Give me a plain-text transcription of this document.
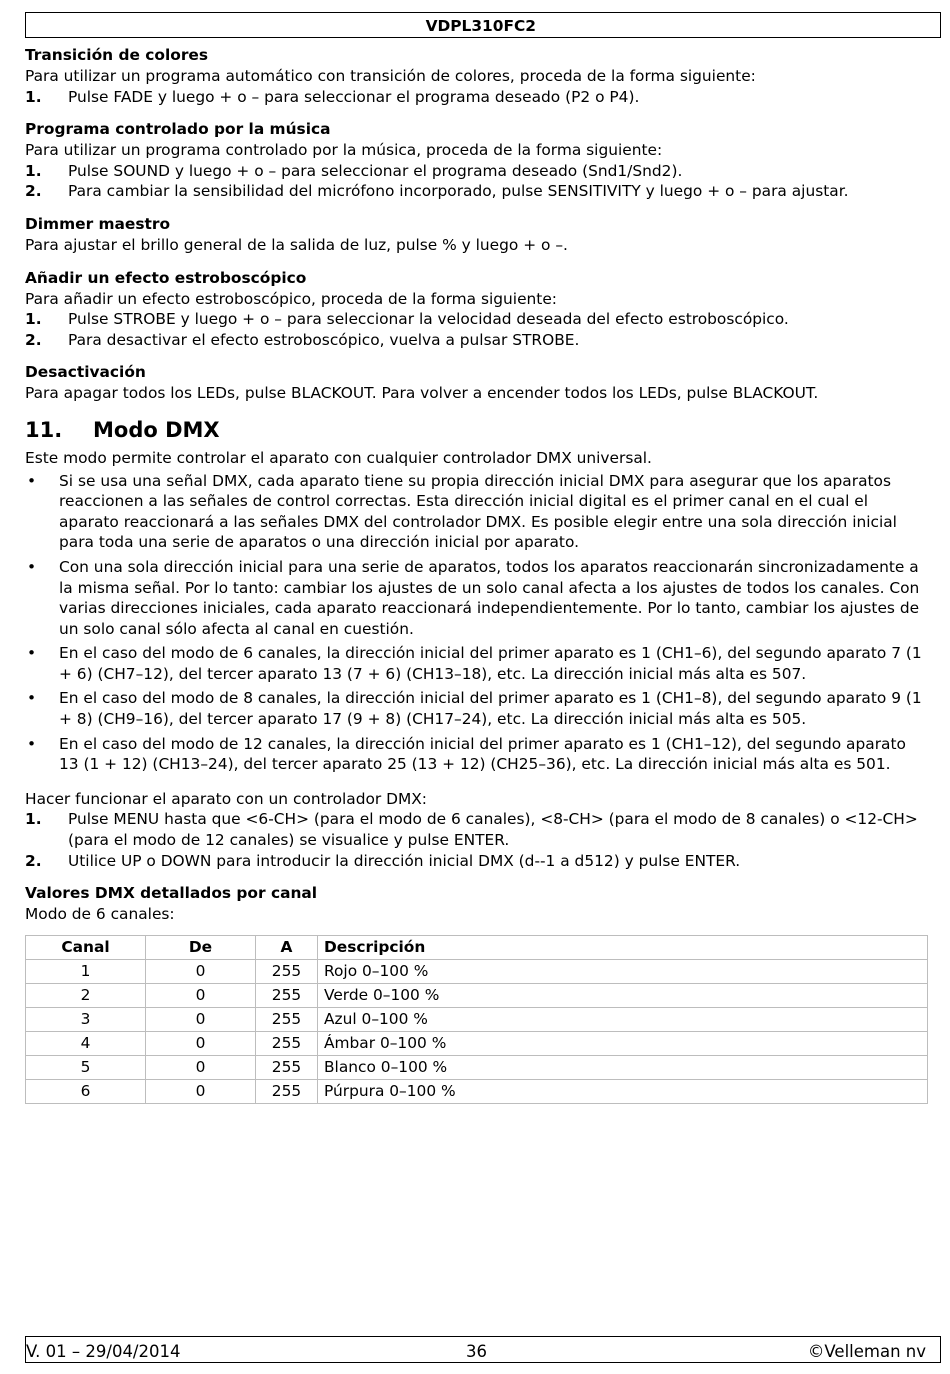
VDPL310FC2
Transición de colores

Para utilizar un programa automático con transición de colores, proceda de la forma siguiente:

1. Pulse FADE y luego + o – para seleccionar el programa deseado (P2 o P4).
Programa controlado por la música

Para utilizar un programa controlado por la música, proceda de la forma siguiente:

1. Pulse SOUND y luego + o – para seleccionar el programa deseado (Snd1/Snd2).
2. Para cambiar la sensibilidad del micrófono incorporado, pulse SENSITIVITY y luego + o – para ajustar.
Dimmer maestro

Para ajustar el brillo general de la salida de luz, pulse % y luego + o –.

Añadir un efecto estroboscópico

Para añadir un efecto estroboscópico, proceda de la forma siguiente:

1. Pulse STROBE y luego + o – para seleccionar la velocidad deseada del efecto estroboscópico.
2. Para desactivar el efecto estroboscópico, vuelva a pulsar STROBE.
Desactivación

Para apagar todos los LEDs, pulse BLACKOUT. Para volver a encender todos los LEDs, pulse BLACKOUT.

11. Modo DMX

Este modo permite controlar el aparato con cualquier controlador DMX universal.

• Si se usa una señal DMX, cada aparato tiene su propia dirección inicial DMX para asegurar que los aparatos reaccionen a las señales de control correctas. Esta dirección inicial digital es el primer canal en el cual el aparato reaccionará a las señales DMX del controlador DMX. Es posible elegir entre una sola dirección inicial para toda una serie de aparatos o una dirección inicial por aparato.
• Con una sola dirección inicial para una serie de aparatos, todos los aparatos reaccionarán sincronizadamente a la misma señal. Por lo tanto: cambiar los ajustes de un solo canal afecta a los ajustes de todos los canales. Con varias direcciones iniciales, cada aparato reaccionará independientemente. Por lo tanto, cambiar los ajustes de un solo canal sólo afecta al canal en cuestión.
• En el caso del modo de 6 canales, la dirección inicial del primer aparato es 1 (CH1–6), del segundo aparato 7 (1 + 6) (CH7–12), del tercer aparato 13 (7 + 6) (CH13–18), etc. La dirección inicial más alta es 507.
• En el caso del modo de 8 canales, la dirección inicial del primer aparato es 1 (CH1–8), del segundo aparato 9 (1 + 8) (CH9–16), del tercer aparato 17 (9 + 8) (CH17–24), etc. La dirección inicial más alta es 505.
• En el caso del modo de 12 canales, la dirección inicial del primer aparato es 1 (CH1–12), del segundo aparato 13 (1 + 12) (CH13–24), del tercer aparato 25 (13 + 12) (CH25–36), etc. La dirección inicial más alta es 501.

Hacer funcionar el aparato con un controlador DMX:

1. Pulse MENU hasta que <6-CH> (para el modo de 6 canales), <8-CH> (para el modo de 8 canales) o <12-CH> (para el modo de 12 canales) se visualice y pulse ENTER.
2. Utilice UP o DOWN para introducir la dirección inicial DMX (d--1 a d512) y pulse ENTER.
Valores DMX detallados por canal

Modo de 6 canales:

Canal	De	A	Descripción
1	0	255	Rojo 0–100 %
2	0	255	Verde 0–100 %
3	0	255	Azul 0–100 %
4	0	255	Ámbar 0–100 %
5	0	255	Blanco 0–100 %
6	0	255	Púrpura 0–100 %
V. 01 – 29/04/2014	36	©Velleman nv
